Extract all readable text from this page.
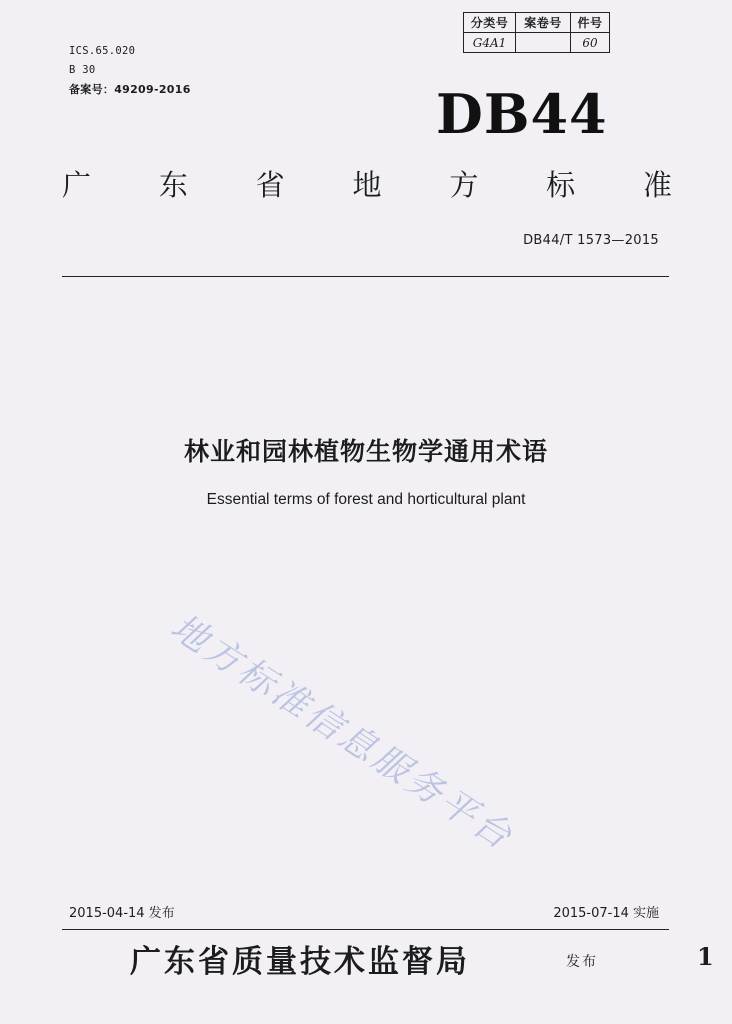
ICS.65.020
B 30
备案号：49209-2016
分类号	案卷号	件号
G4A1		60
DB44
广 东 省 地 方 标 准
DB44/T 1573—2015
林业和园林植物生物学通用术语
Essential terms of forest and horticultural plant
地方标准信息服务平台
2015-04-14 发布	2015-07-14 实施
广东省质量技术监督局	发布	1
